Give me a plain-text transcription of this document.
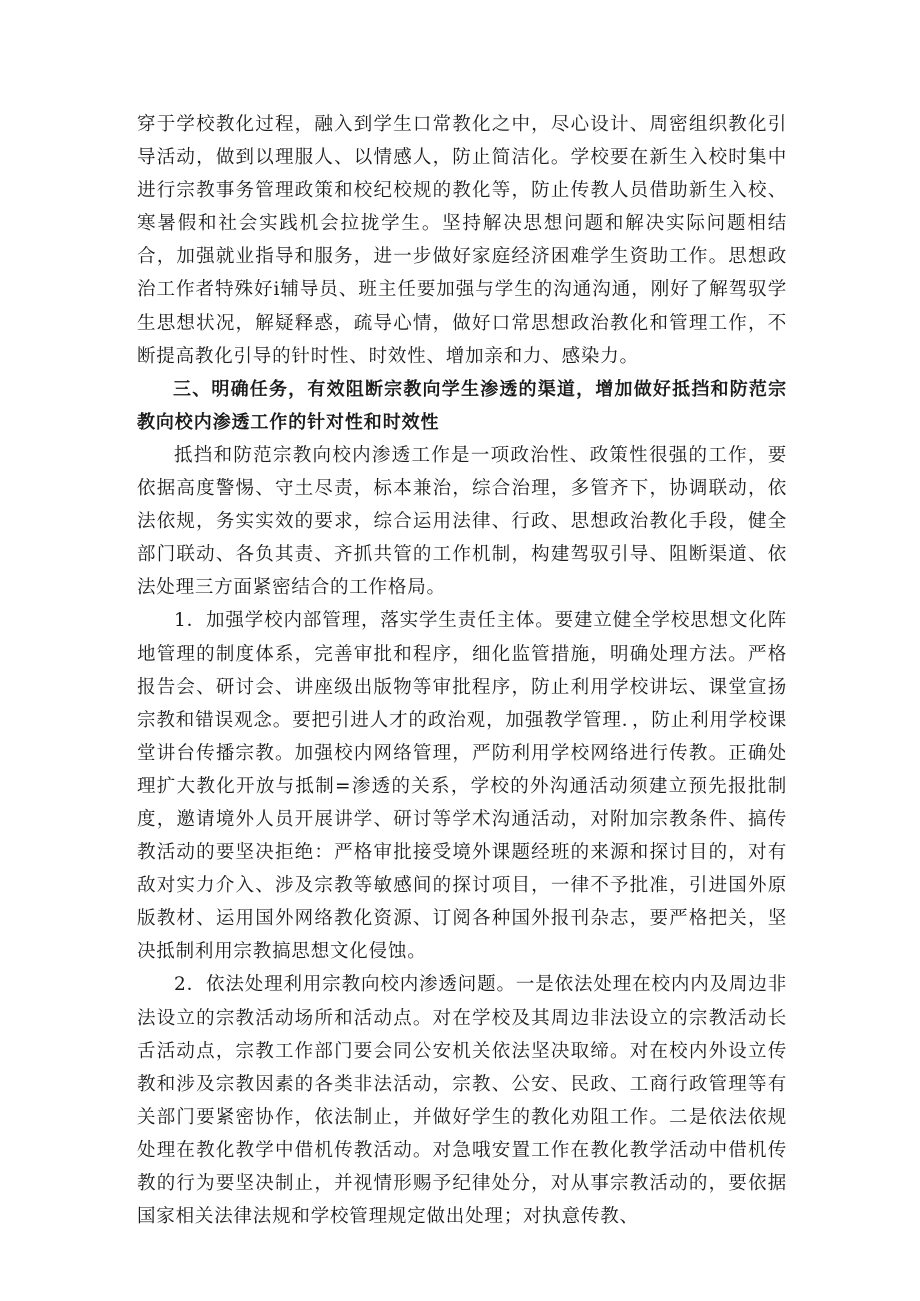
穿于学校教化过程，融入到学生口常教化之中，尽心设计、周密组织教化引导活动，做到以理服人、以情感人，防止简洁化。学校要在新生入校时集中进行宗教事务管理政策和校纪校规的教化等，防止传教人员借助新生入校、寒暑假和社会实践机会拉拢学生。坚持解决思想问题和解决实际问题相结合，加强就业指导和服务，进一步做好家庭经济困难学生资助工作。思想政治工作者特殊好i辅导员、班主任要加强与学生的沟通沟通，刚好了解驾驭学生思想状况，解疑释惑，疏导心情，做好口常思想政治教化和管理工作，不断提高教化引导的针时性、时效性、增加亲和力、感染力。

三、明确任务，有效阻断宗教向学生渗透的渠道，增加做好抵挡和防范宗教向校内渗透工作的针对性和时效性

抵挡和防范宗教向校内渗透工作是一项政治性、政策性很强的工作，要依据高度警惕、守土尽责，标本兼治，综合治理，多管齐下，协调联动，依法依规，务实实效的要求，综合运用法律、行政、思想政治教化手段，健全部门联动、各负其责、齐抓共管的工作机制，构建驾驭引导、阻断渠道、依法处理三方面紧密结合的工作格局。

1．加强学校内部管理，落实学生责任主体。要建立健全学校思想文化阵地管理的制度体系，完善审批和程序，细化监管措施，明确处理方法。严格报告会、研讨会、讲座级出版物等审批程序，防止利用学校讲坛、课堂宣扬宗教和错误观念。要把引进人才的政治观，加强教学管理．，防止利用学校课堂讲台传播宗教。加强校内网络管理，严防利用学校网络进行传教。正确处理扩大教化开放与抵制=渗透的关系，学校的外沟通活动须建立预先报批制度，邀请境外人员开展讲学、研讨等学术沟通活动，对附加宗教条件、搞传教活动的要坚决拒绝：严格审批接受境外课题经班的来源和探讨目的，对有敌对实力介入、涉及宗教等敏感间的探讨项目，一律不予批准，引进国外原版教材、运用国外网络教化资源、订阅各种国外报刊杂志，要严格把关，坚决抵制利用宗教搞思想文化侵蚀。

2．依法处理利用宗教向校内渗透问题。一是依法处理在校内内及周边非法设立的宗教活动场所和活动点。对在学校及其周边非法设立的宗教活动长舌活动点，宗教工作部门要会同公安机关依法坚决取缔。对在校内外设立传教和涉及宗教因素的各类非法活动，宗教、公安、民政、工商行政管理等有关部门要紧密协作，依法制止，并做好学生的教化劝阻工作。二是依法依规处理在教化教学中借机传教活动。对急哦安置工作在教化教学活动中借机传教的行为要坚决制止，并视情形赐予纪律处分，对从事宗教活动的，要依据国家相关法律法规和学校管理规定做出处理；对执意传教、
